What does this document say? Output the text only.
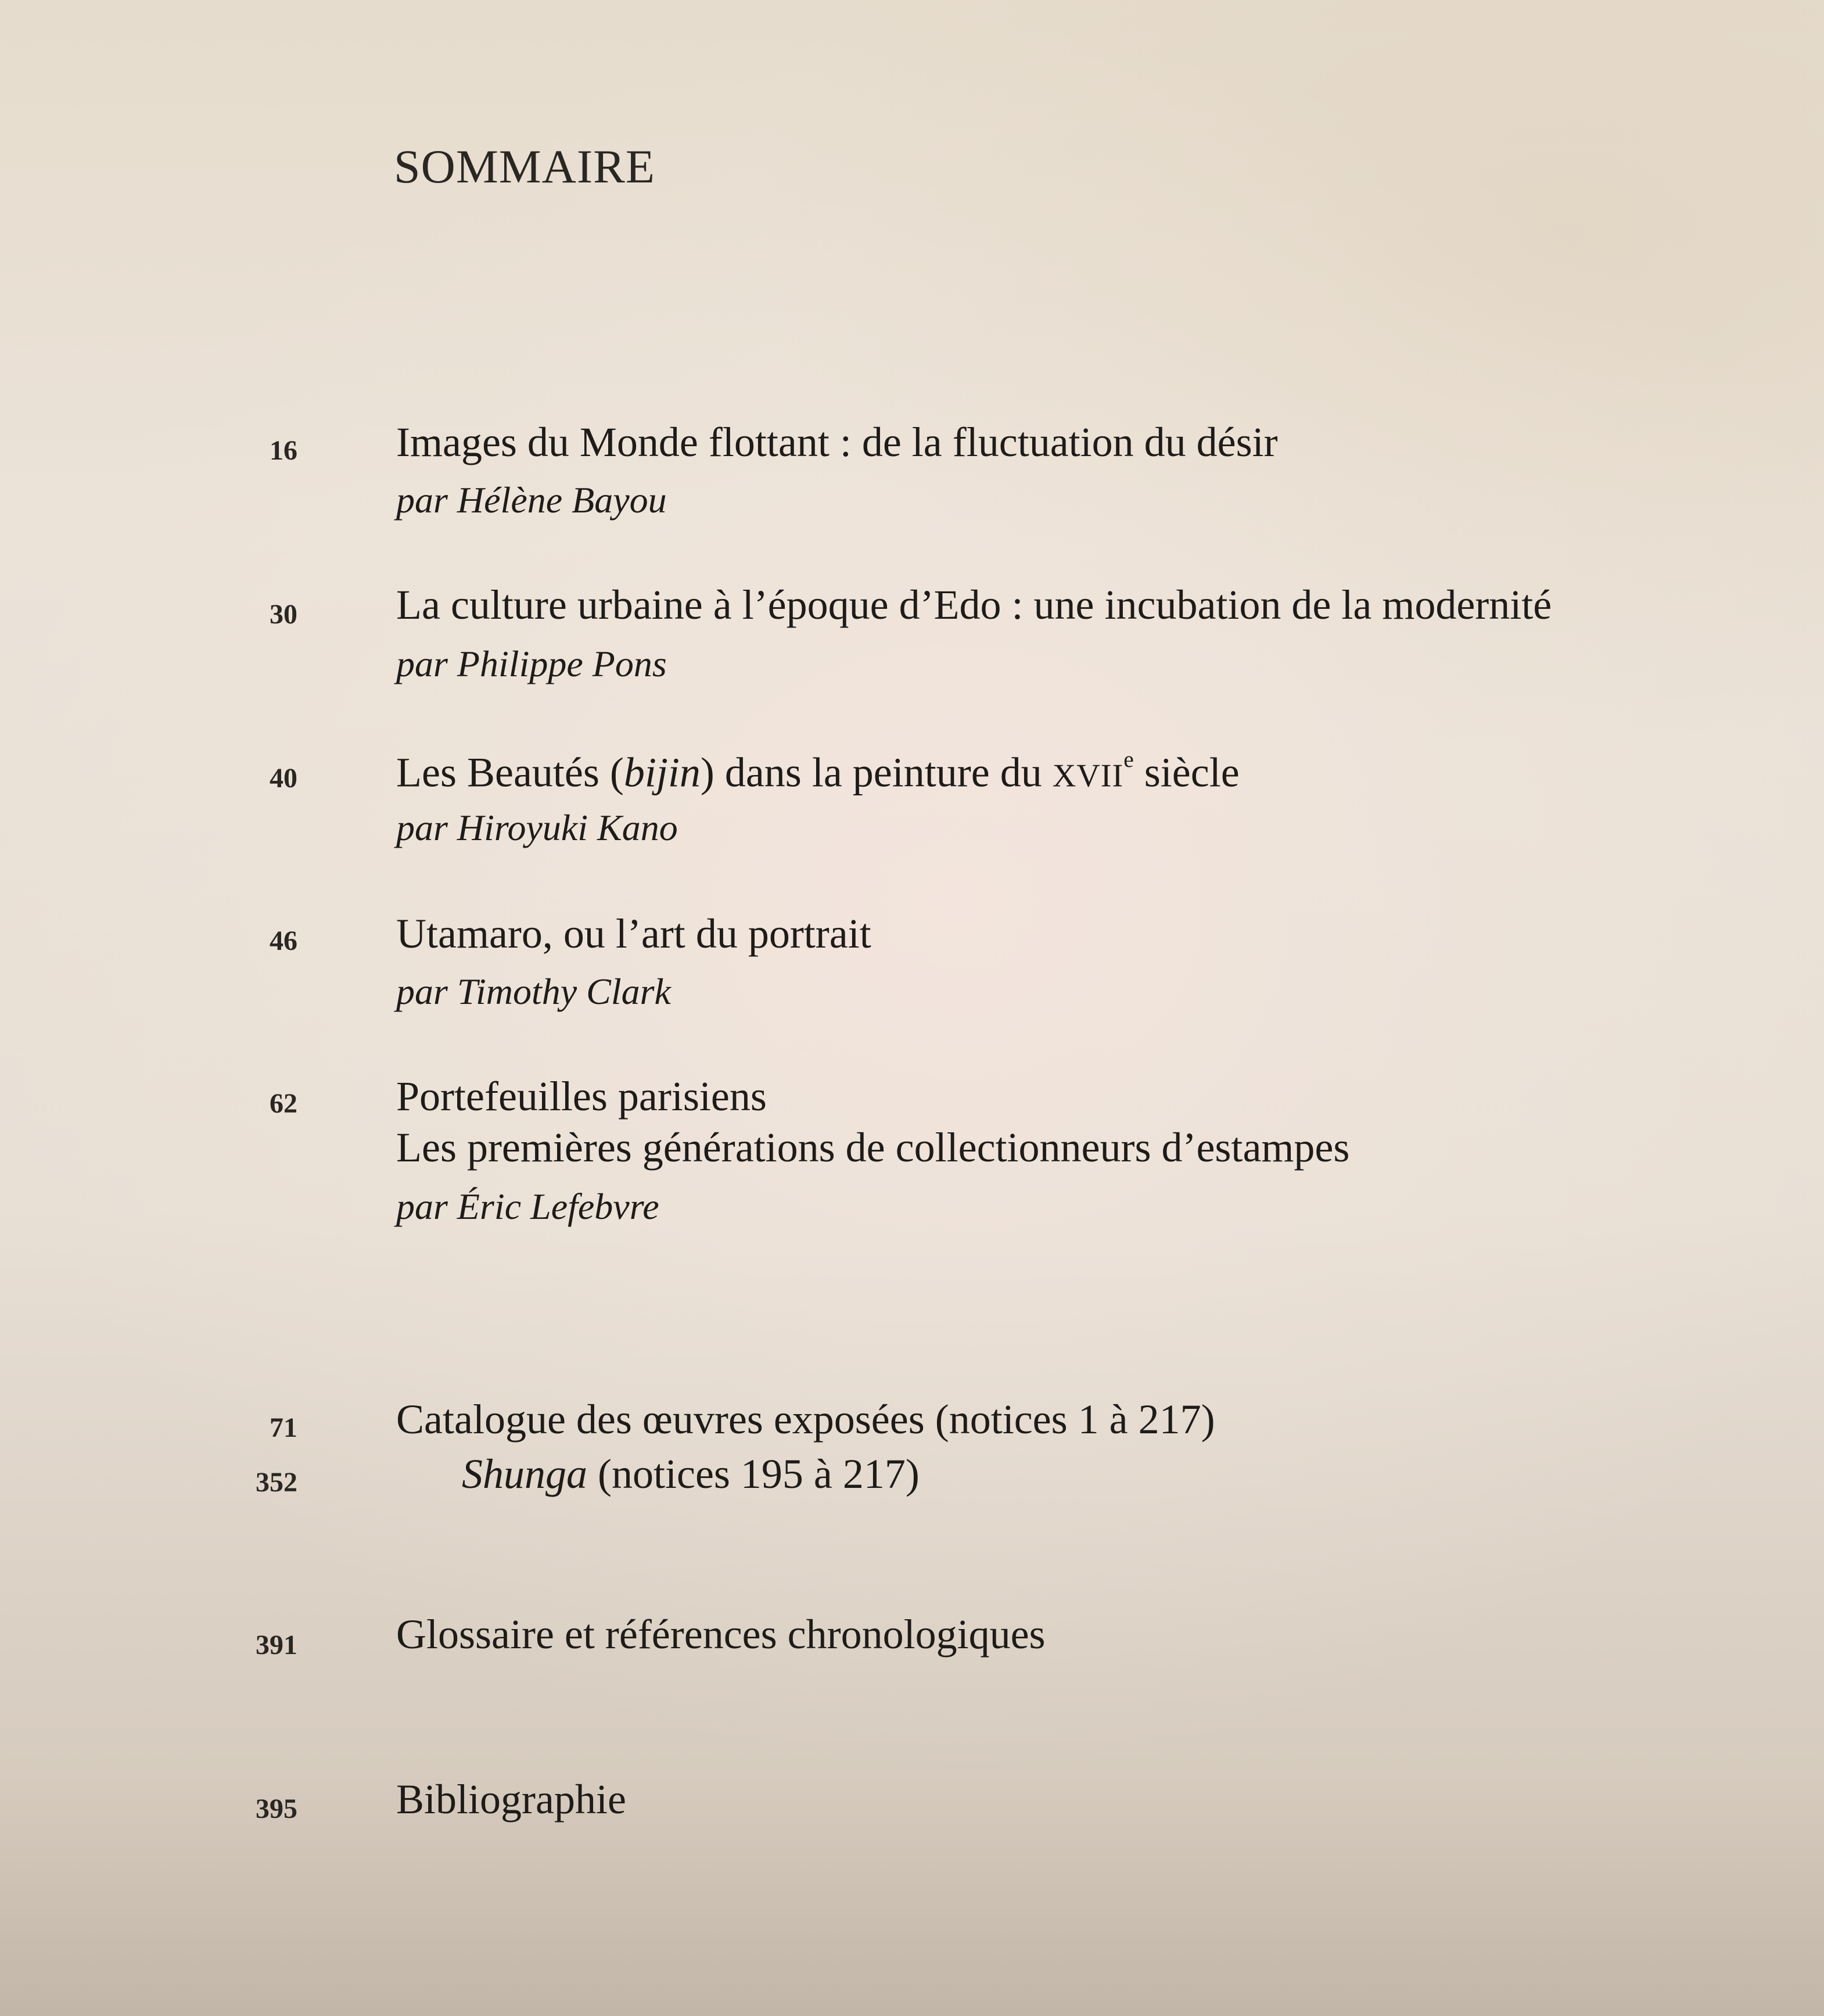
SOMMAIRE
16 Images du Monde flottant : de la fluctuation du désir
par Hélène Bayou
30 La culture urbaine à l’époque d’Edo : une incubation de la modernité
par Philippe Pons
40 Les Beautés (bijin) dans la peinture du XVIIe siècle
par Hiroyuki Kano
46 Utamaro, ou l’art du portrait
par Timothy Clark
62 Portefeuilles parisiens
Les premières générations de collectionneurs d’estampes
par Éric Lefebvre
71 Catalogue des œuvres exposées (notices 1 à 217)
352	Shunga (notices 195 à 217)
391 Glossaire et références chronologiques
395 Bibliographie
